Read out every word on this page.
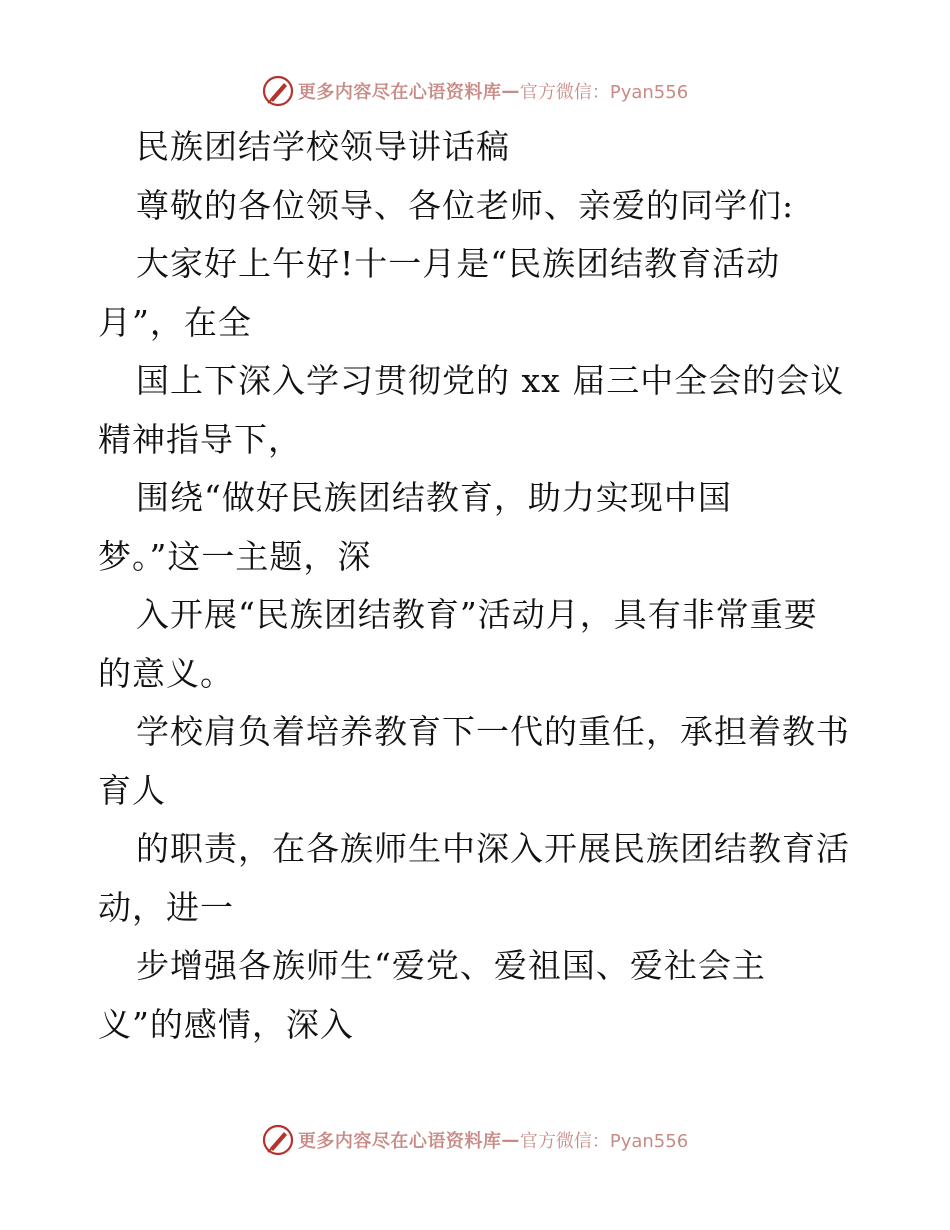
更多内容尽在心语资料库 — 官方微信：Pyan556
民族团结学校领导讲话稿
尊敬的各位领导、各位老师、亲爱的同学们:
大家好上午好!十一月是“民族团结教育活动
月”，在全
国上下深入学习贯彻党的 xx 届三中全会的会议
精神指导下，
围绕“做好民族团结教育，助力实现中国
梦。”这一主题，深
入开展“民族团结教育”活动月，具有非常重要
的意义。
学校肩负着培养教育下一代的重任，承担着教书
育人
的职责，在各族师生中深入开展民族团结教育活
动，进一
步增强各族师生“爱党、爱祖国、爱社会主
义”的感情，深入
更多内容尽在心语资料库 — 官方微信：Pyan556
